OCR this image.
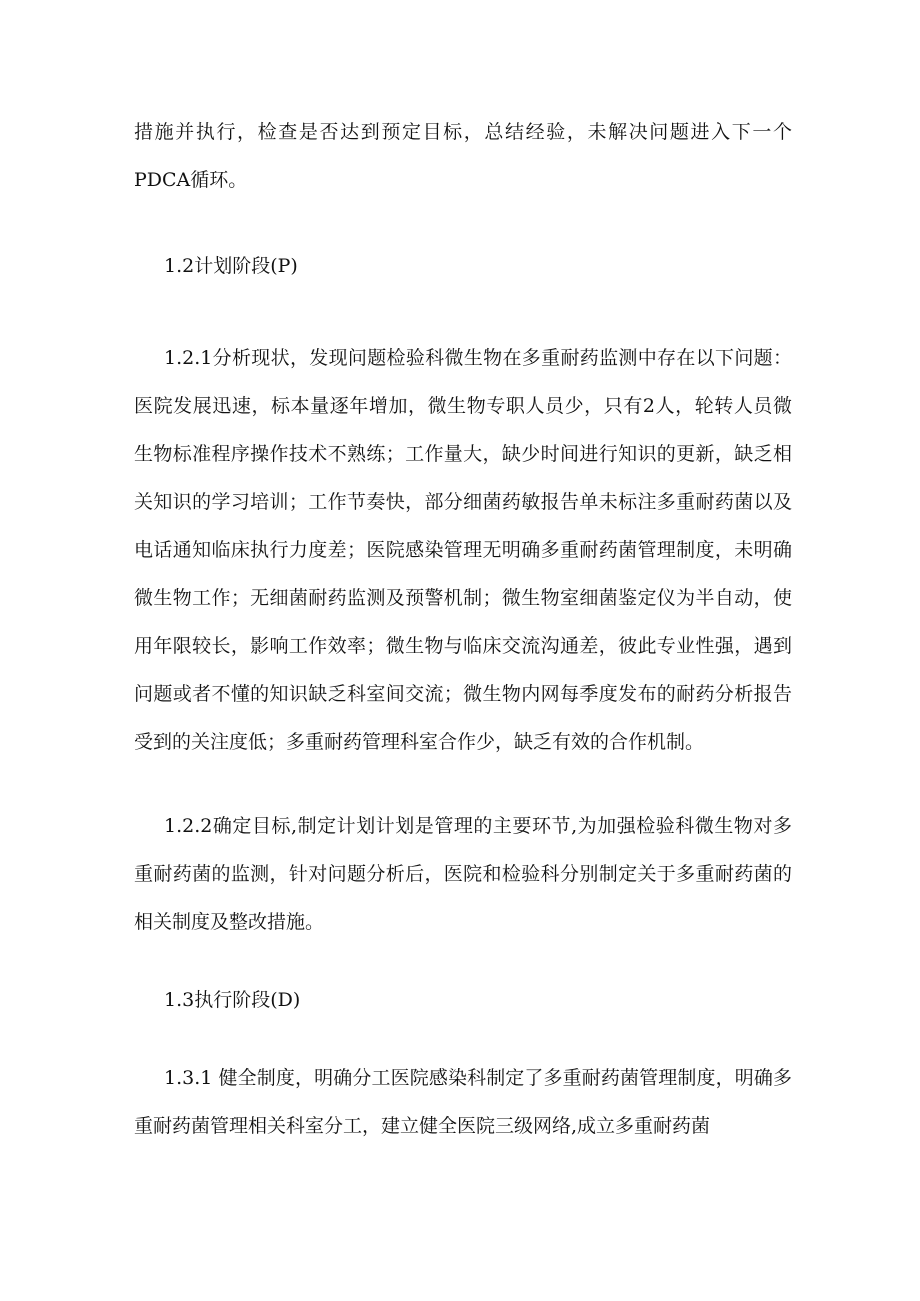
措施并执行，检查是否达到预定目标，总结经验，未解决问题进入下一个PDCA循环。

1.2计划阶段(P)

1.2.1分析现状，发现问题检验科微生物在多重耐药监测中存在以下问题：医院发展迅速，标本量逐年增加，微生物专职人员少，只有2人，轮转人员微生物标准程序操作技术不熟练；工作量大，缺少时间进行知识的更新，缺乏相关知识的学习培训；工作节奏快，部分细菌药敏报告单未标注多重耐药菌以及电话通知临床执行力度差；医院感染管理无明确多重耐药菌管理制度，未明确微生物工作；无细菌耐药监测及预警机制；微生物室细菌鉴定仪为半自动，使用年限较长，影响工作效率；微生物与临床交流沟通差，彼此专业性强，遇到问题或者不懂的知识缺乏科室间交流；微生物内网每季度发布的耐药分析报告受到的关注度低；多重耐药管理科室合作少，缺乏有效的合作机制。

1.2.2确定目标,制定计划计划是管理的主要环节,为加强检验科微生物对多重耐药菌的监测，针对问题分析后，医院和检验科分别制定关于多重耐药菌的相关制度及整改措施。

1.3执行阶段(D)

1.3.1 健全制度，明确分工医院感染科制定了多重耐药菌管理制度，明确多重耐药菌管理相关科室分工，建立健全医院三级网络,成立多重耐药菌
